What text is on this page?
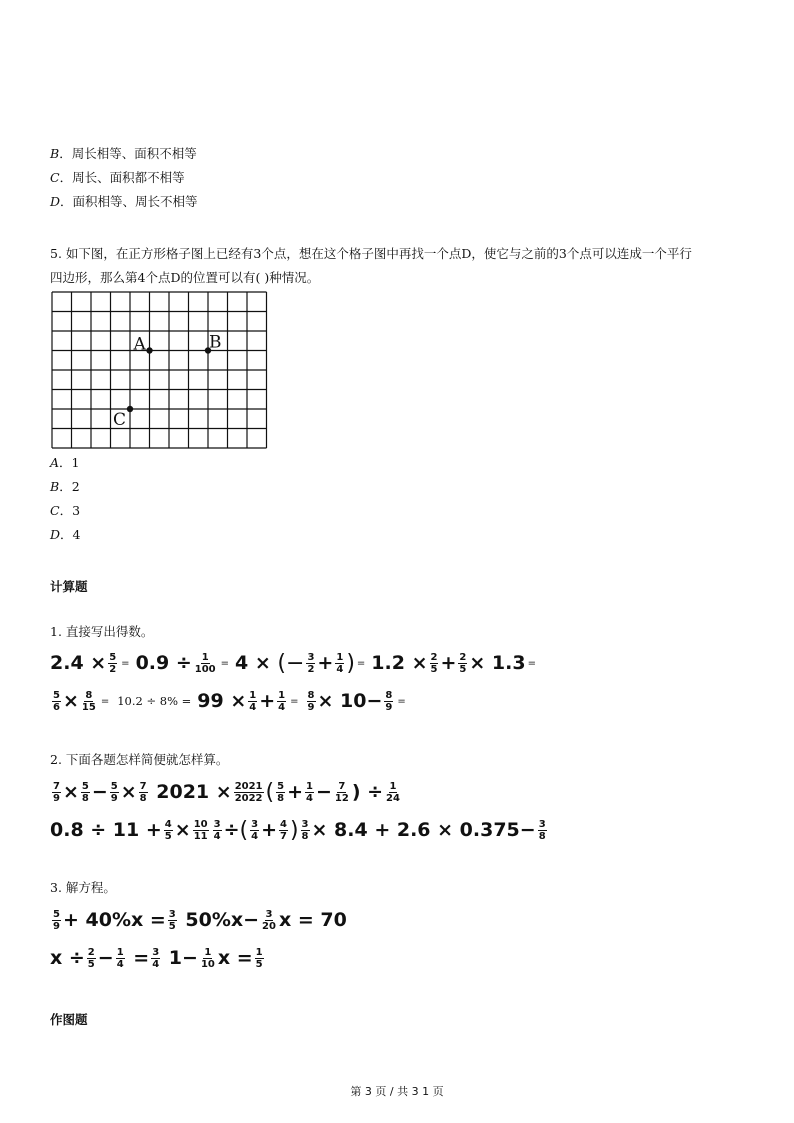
B．周长相等、面积不相等
C．周长、面积都不相等
D．面积相等、周长不相等
5. 如下图，在正方形格子图上已经有3个点，想在这个格子图中再找一个点D，使它与之前的3个点可以连成一个平行
四边形，那么第4个点D的位置可以有( )种情况。
A	B
C
A．1
B．2
C．3
D．4
计算题
1. 直接写出得数。
$2.4 \times \frac{5}{2} = 0.9 \div \frac{1}{100} = 4$ ×
(− $\frac{3}{2} + \frac{1}{4}$ ) = $1.2 \times \frac{2}{5} + \frac{2}{5} \times 1.3$ =
$\frac{5}{6} \times \frac{8}{15} = 10.2 \div 8\% = 99 \times \frac{1}{4} + \frac{1}{4} = \frac{8}{9} \times 10- \frac{8}{9}$ =
2. 下面各题怎样简便就怎样算。
$\frac{7}{9} \times \frac{5}{8} - \frac{5}{9} \times \frac{7}{8}$
$2021 \times \frac{2021}{2022}$ ( $\frac{5}{8} + \frac{1}{4} - \frac{7}{12}$ ) ÷ $\frac{1}{24}$
$0.8 \div 11 + \frac{4}{5} \times \frac{10}{11} \frac{3}{4}$ ÷ ( $\frac{3}{4} + \frac{4}{7}$ ) $\frac{3}{8} \times 8.4 + 2.6 \times 0.375- \frac{3}{8}$
3. 解方程。
$\frac{5}{9} + 40\%x = \frac{3}{5}$
$50\%x- \frac{3}{20}$ x = 70
$x \div \frac{2}{5} - \frac{1}{4}$
= $\frac{3}{4}$
$1- \frac{1}{10}$ $x = \frac{1}{5}$
作图题
第 3 页 / 共 3 1 页
